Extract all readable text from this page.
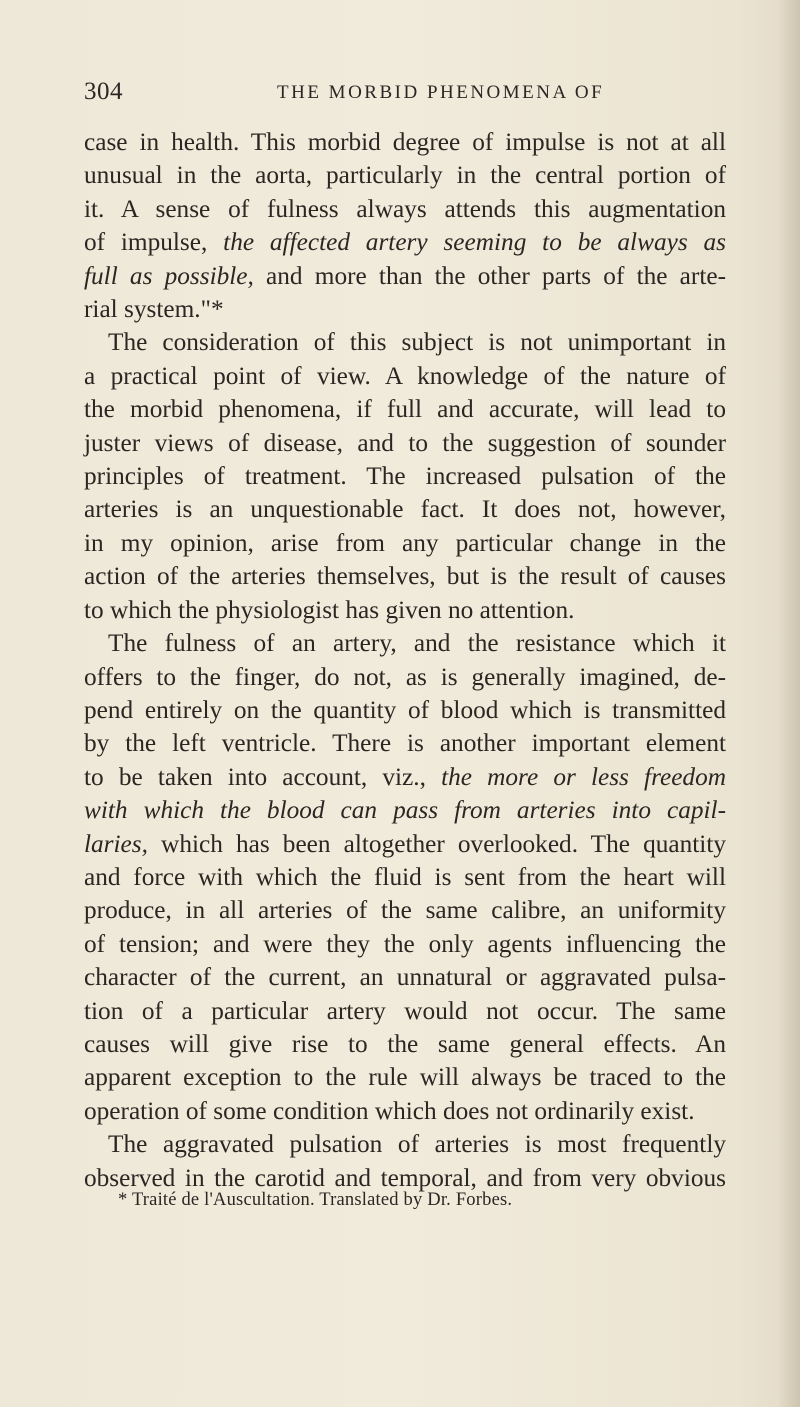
304	THE MORBID PHENOMENA OF
case in health. This morbid degree of impulse is not at all
unusual in the aorta, particularly in the central portion of
it. A sense of fulness always attends this augmentation
of impulse, the affected artery seeming to be always as
full as possible, and more than the other parts of the arte-
rial system."*
The consideration of this subject is not unimportant in
a practical point of view. A knowledge of the nature of
the morbid phenomena, if full and accurate, will lead to
juster views of disease, and to the suggestion of sounder
principles of treatment. The increased pulsation of the
arteries is an unquestionable fact. It does not, however,
in my opinion, arise from any particular change in the
action of the arteries themselves, but is the result of causes
to which the physiologist has given no attention.
The fulness of an artery, and the resistance which it
offers to the finger, do not, as is generally imagined, de-
pend entirely on the quantity of blood which is transmitted
by the left ventricle. There is another important element
to be taken into account, viz., the more or less freedom
with which the blood can pass from arteries into capil-
laries, which has been altogether overlooked. The quantity
and force with which the fluid is sent from the heart will
produce, in all arteries of the same calibre, an uniformity
of tension; and were they the only agents influencing the
character of the current, an unnatural or aggravated pulsa-
tion of a particular artery would not occur. The same
causes will give rise to the same general effects. An
apparent exception to the rule will always be traced to the
operation of some condition which does not ordinarily exist.
The aggravated pulsation of arteries is most frequently
observed in the carotid and temporal, and from very obvious
* Traité de l'Auscultation. Translated by Dr. Forbes.
